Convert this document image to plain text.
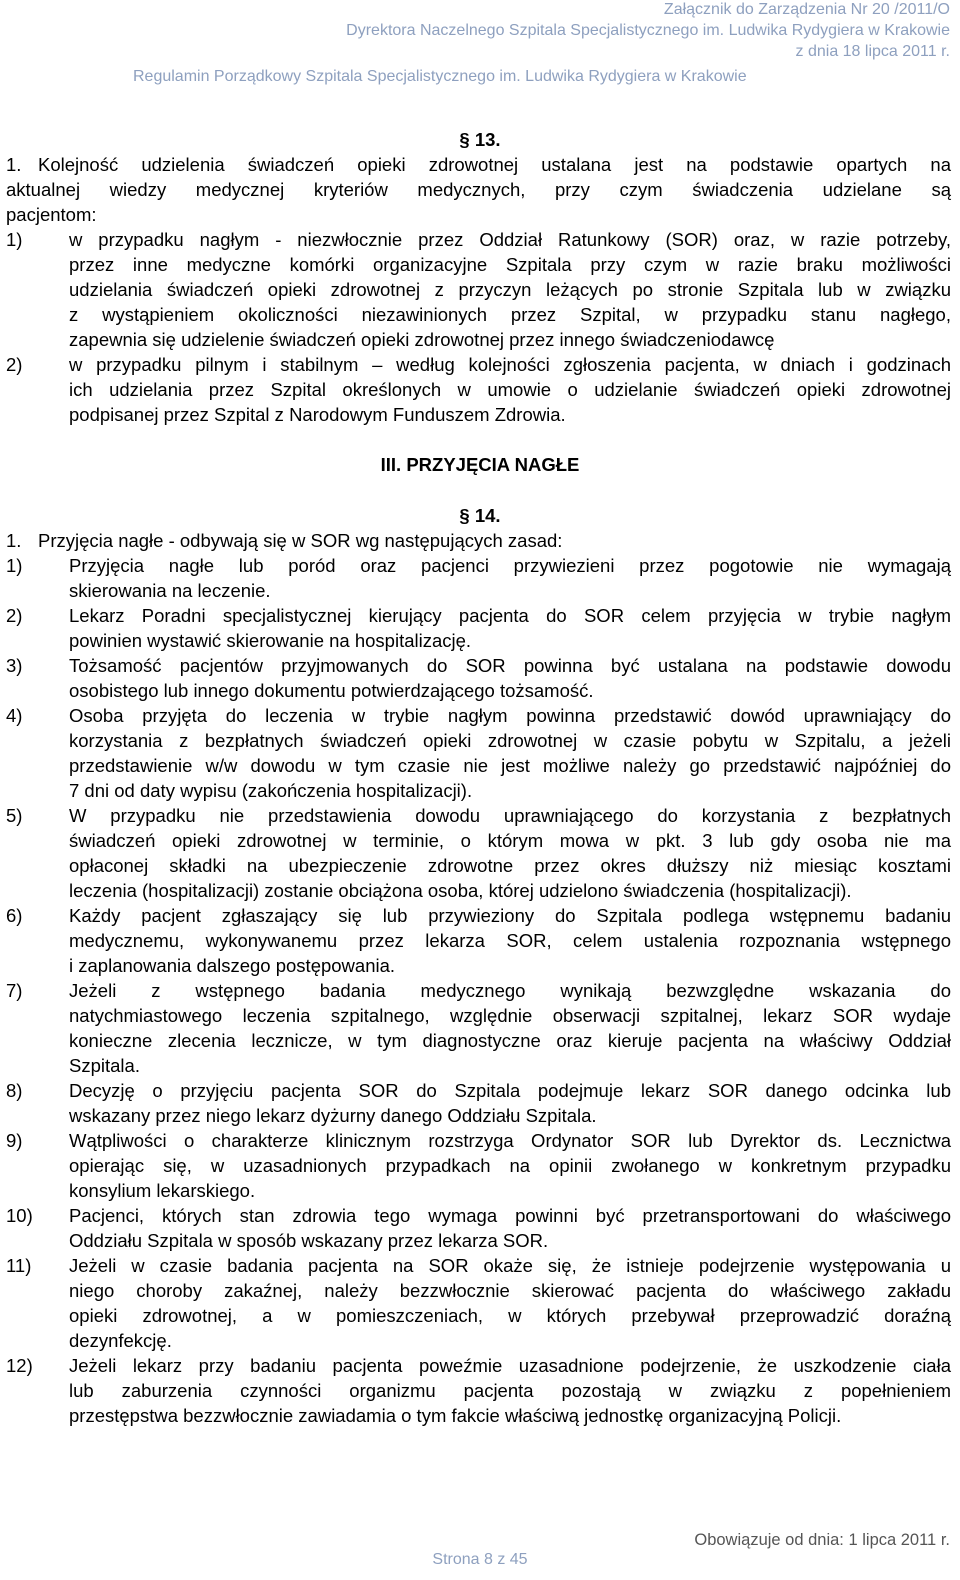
Załącznik do Zarządzenia Nr 20 /2011/O
Dyrektora Naczelnego Szpitala Specjalistycznego im. Ludwika Rydygiera w Krakowie
z dnia 18 lipca 2011 r.
Regulamin Porządkowy Szpitala Specjalistycznego im. Ludwika Rydygiera w Krakowie
§ 13.
1. Kolejność udzielenia świadczeń opieki zdrowotnej ustalana jest na podstawie opartych na
aktualnej wiedzy medycznej kryteriów medycznych, przy czym świadczenia udzielane są
pacjentom:
1)	w przypadku nagłym - niezwłocznie przez Oddział Ratunkowy (SOR) oraz, w razie potrzeby,
przez inne medyczne komórki organizacyjne Szpitala przy czym w razie braku możliwości
udzielania świadczeń opieki zdrowotnej z przyczyn leżących po stronie Szpitala lub w związku
z wystąpieniem okoliczności niezawinionych przez Szpital, w przypadku stanu nagłego,
zapewnia się udzielenie świadczeń opieki zdrowotnej przez innego świadczeniodawcę
2)	w przypadku pilnym i stabilnym – według kolejności zgłoszenia pacjenta, w dniach i godzinach
ich udzielania przez Szpital określonych w umowie o udzielanie świadczeń opieki zdrowotnej
podpisanej przez Szpital z Narodowym Funduszem Zdrowia.
III. PRZYJĘCIA NAGŁE
§ 14.
1. Przyjęcia nagłe - odbywają się w SOR wg następujących zasad:
1)	Przyjęcia nagłe lub poród oraz pacjenci przywiezieni przez pogotowie nie wymagają
skierowania na leczenie.
2)	Lekarz Poradni specjalistycznej kierujący pacjenta do SOR celem przyjęcia w trybie nagłym
powinien wystawić skierowanie na hospitalizację.
3)	Tożsamość pacjentów przyjmowanych do SOR powinna być ustalana na podstawie dowodu
osobistego lub innego dokumentu potwierdzającego tożsamość.
4)	Osoba przyjęta do leczenia w trybie nagłym powinna przedstawić dowód uprawniający do
korzystania z bezpłatnych świadczeń opieki zdrowotnej w czasie pobytu w Szpitalu, a jeżeli
przedstawienie w/w dowodu w tym czasie nie jest możliwe należy go przedstawić najpóźniej do
7 dni od daty wypisu (zakończenia hospitalizacji).
5)	W przypadku nie przedstawienia dowodu uprawniającego do korzystania z bezpłatnych
świadczeń opieki zdrowotnej w terminie, o którym mowa w pkt. 3 lub gdy osoba nie ma
opłaconej składki na ubezpieczenie zdrowotne przez okres dłuższy niż miesiąc kosztami
leczenia (hospitalizacji) zostanie obciążona osoba, której udzielono świadczenia (hospitalizacji).
6)	Każdy pacjent zgłaszający się lub przywieziony do Szpitala podlega wstępnemu badaniu
medycznemu, wykonywanemu przez lekarza SOR, celem ustalenia rozpoznania wstępnego
i zaplanowania dalszego postępowania.
7)	Jeżeli z wstępnego badania medycznego wynikają bezwzględne wskazania do
natychmiastowego leczenia szpitalnego, względnie obserwacji szpitalnej, lekarz SOR wydaje
konieczne zlecenia lecznicze, w tym diagnostyczne oraz kieruje pacjenta na właściwy Oddział
Szpitala.
8)	Decyzję o przyjęciu pacjenta SOR do Szpitala podejmuje lekarz SOR danego odcinka lub
wskazany przez niego lekarz dyżurny danego Oddziału Szpitala.
9)	Wątpliwości o charakterze klinicznym rozstrzyga Ordynator SOR lub Dyrektor ds. Lecznictwa
opierając się, w uzasadnionych przypadkach na opinii zwołanego w konkretnym przypadku
konsylium lekarskiego.
10) Pacjenci, których stan zdrowia tego wymaga powinni być przetransportowani do właściwego
Oddziału Szpitala w sposób wskazany przez lekarza SOR.
11) Jeżeli w czasie badania pacjenta na SOR okaże się, że istnieje podejrzenie występowania u
niego choroby zakaźnej, należy bezzwłocznie skierować pacjenta do właściwego zakładu
opieki zdrowotnej, a w pomieszczeniach, w których przebywał przeprowadzić doraźną
dezynfekcję.
12) Jeżeli lekarz przy badaniu pacjenta poweźmie uzasadnione podejrzenie, że uszkodzenie ciała
lub zaburzenia czynności organizmu pacjenta pozostają w związku z popełnieniem
przestępstwa bezzwłocznie zawiadamia o tym fakcie właściwą jednostkę organizacyjną Policji.
Obowiązuje od dnia: 1 lipca 2011 r.
Strona 8 z 45
